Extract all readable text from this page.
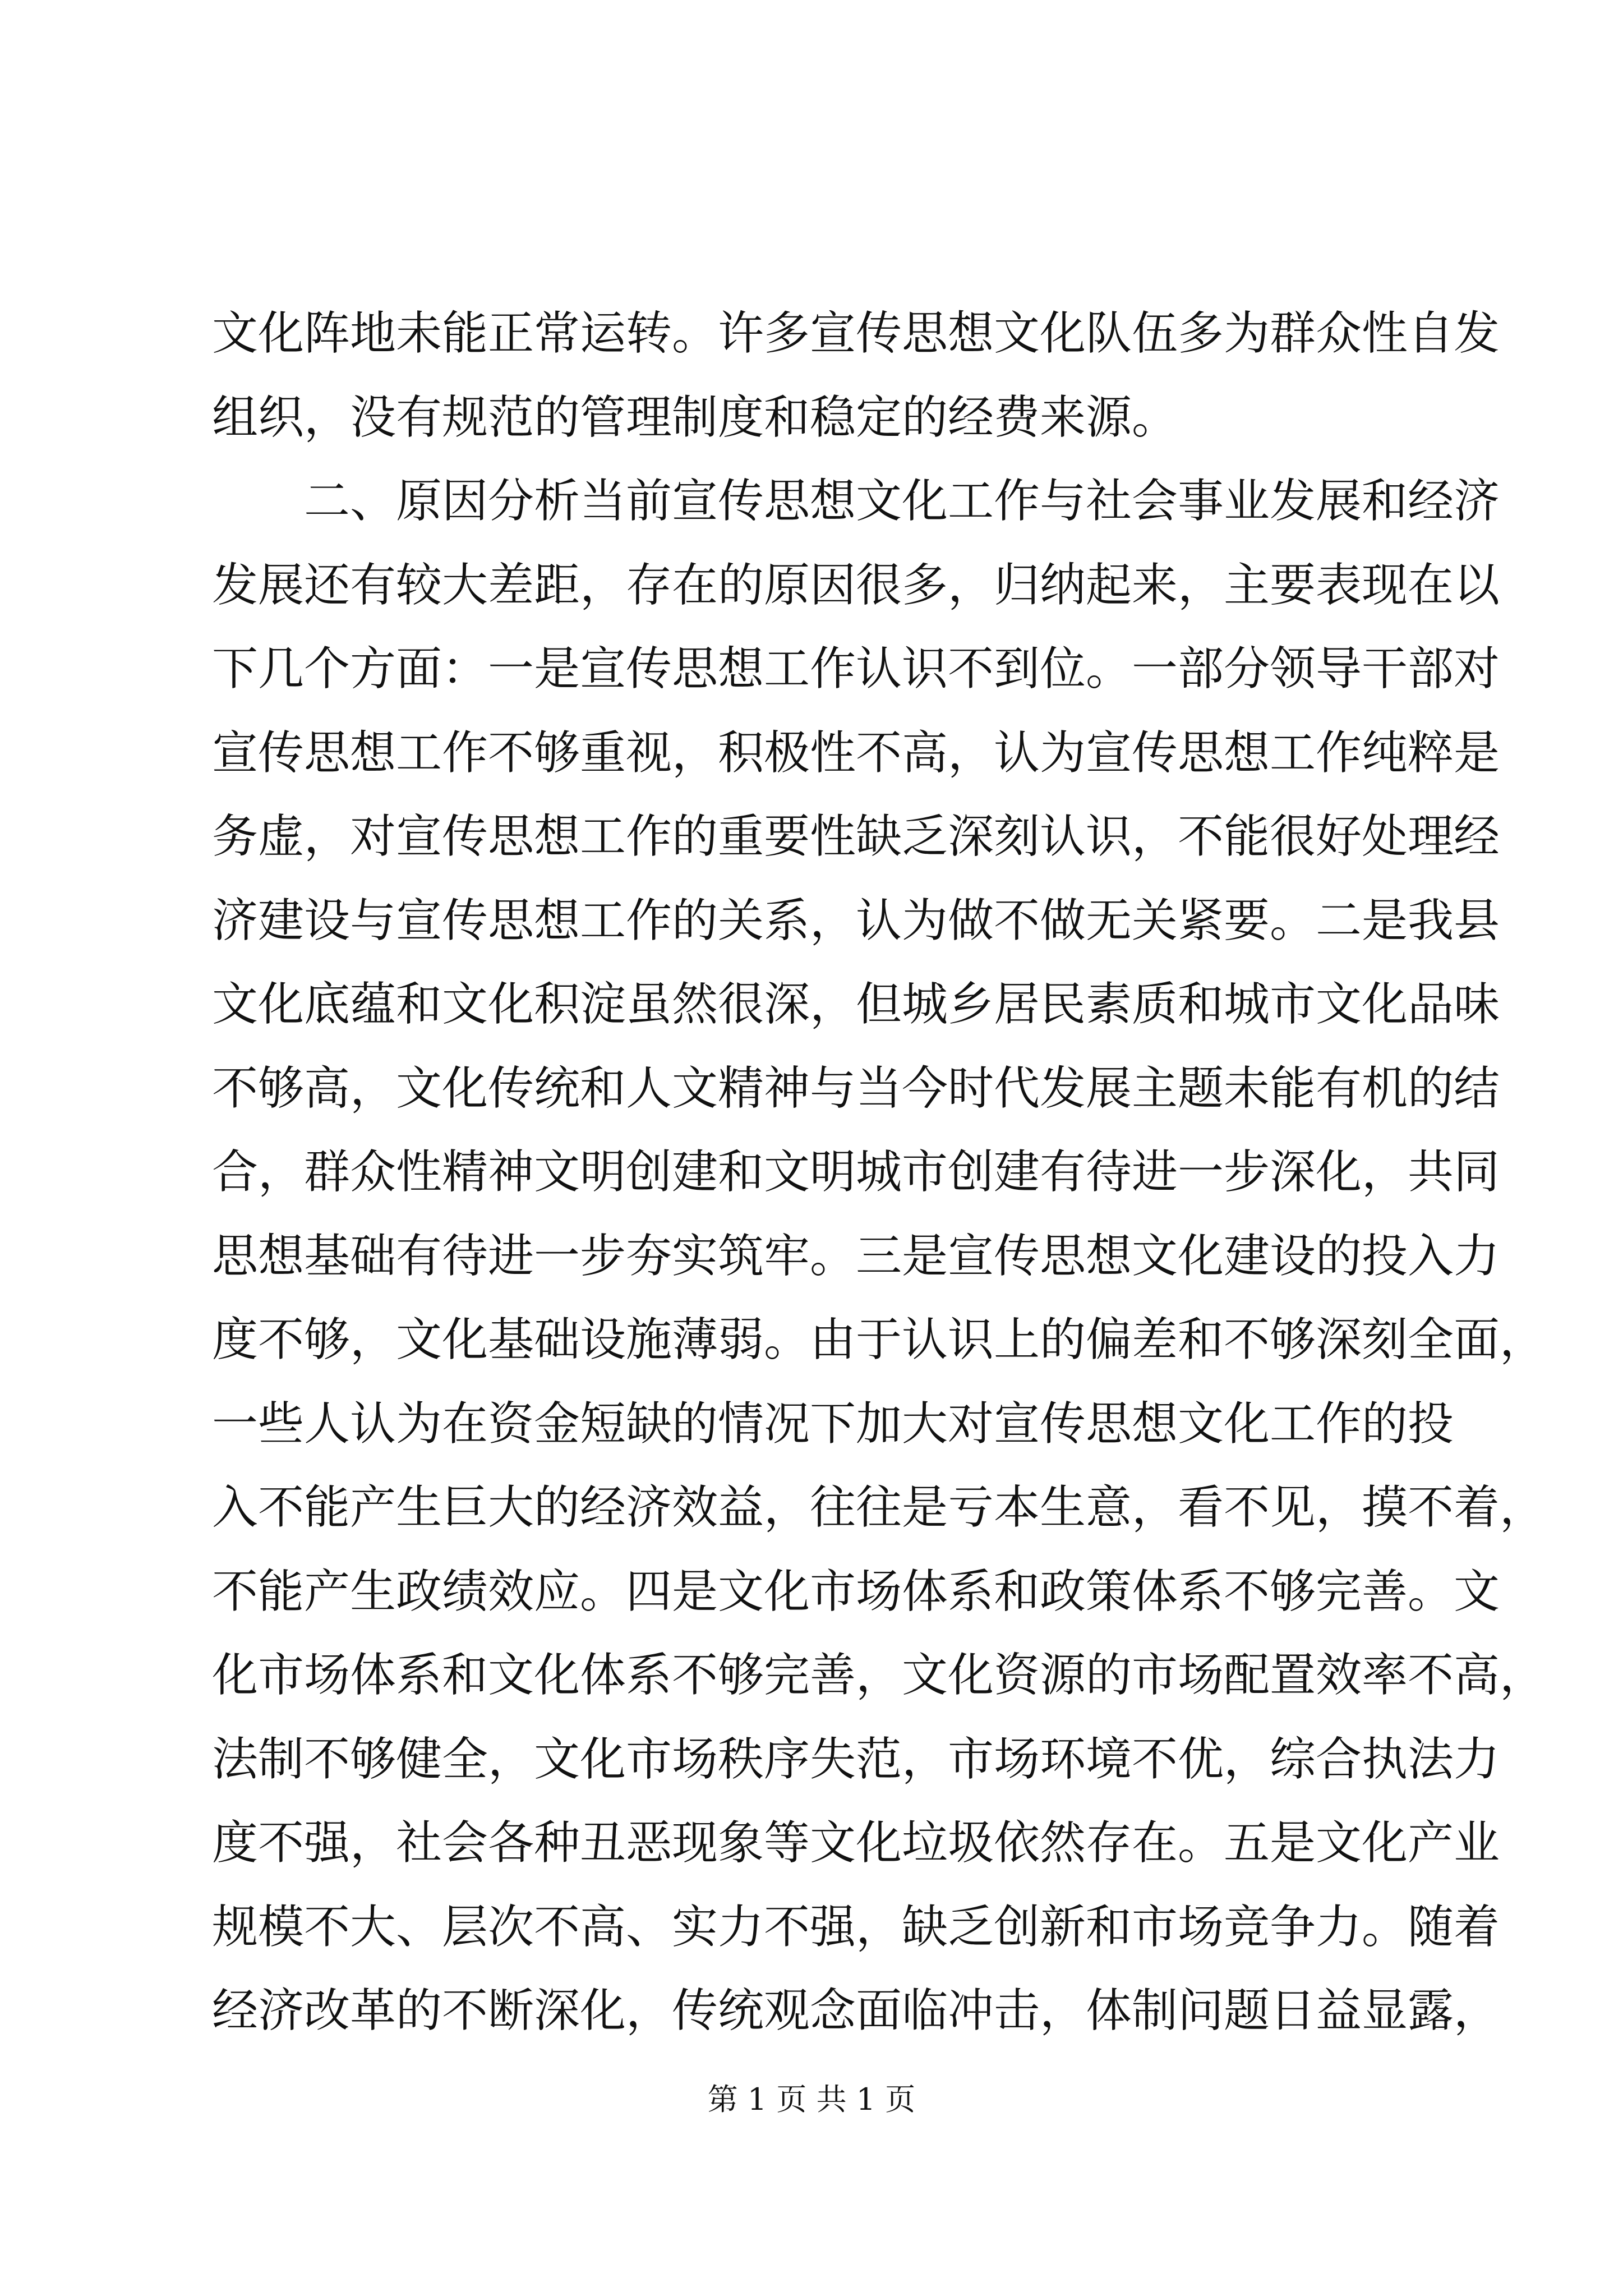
文化阵地未能正常运转。许多宣传思想文化队伍多为群众性自发
组织，没有规范的管理制度和稳定的经费来源。
二、原因分析当前宣传思想文化工作与社会事业发展和经济
发展还有较大差距，存在的原因很多，归纳起来，主要表现在以
下几个方面：一是宣传思想工作认识不到位。一部分领导干部对
宣传思想工作不够重视，积极性不高，认为宣传思想工作纯粹是
务虚，对宣传思想工作的重要性缺乏深刻认识，不能很好处理经
济建设与宣传思想工作的关系，认为做不做无关紧要。二是我县
文化底蕴和文化积淀虽然很深，但城乡居民素质和城市文化品味
不够高，文化传统和人文精神与当今时代发展主题未能有机的结
合，群众性精神文明创建和文明城市创建有待进一步深化，共同
思想基础有待进一步夯实筑牢。三是宣传思想文化建设的投入力
度不够，文化基础设施薄弱。由于认识上的偏差和不够深刻全面，
一些人认为在资金短缺的情况下加大对宣传思想文化工作的投
入不能产生巨大的经济效益，往往是亏本生意，看不见，摸不着，
不能产生政绩效应。四是文化市场体系和政策体系不够完善。文
化市场体系和文化体系不够完善，文化资源的市场配置效率不高，
法制不够健全，文化市场秩序失范，市场环境不优，综合执法力
度不强，社会各种丑恶现象等文化垃圾依然存在。五是文化产业
规模不大、层次不高、实力不强，缺乏创新和市场竞争力。随着
经济改革的不断深化，传统观念面临冲击，体制问题日益显露，
第 1 页 共 1 页
